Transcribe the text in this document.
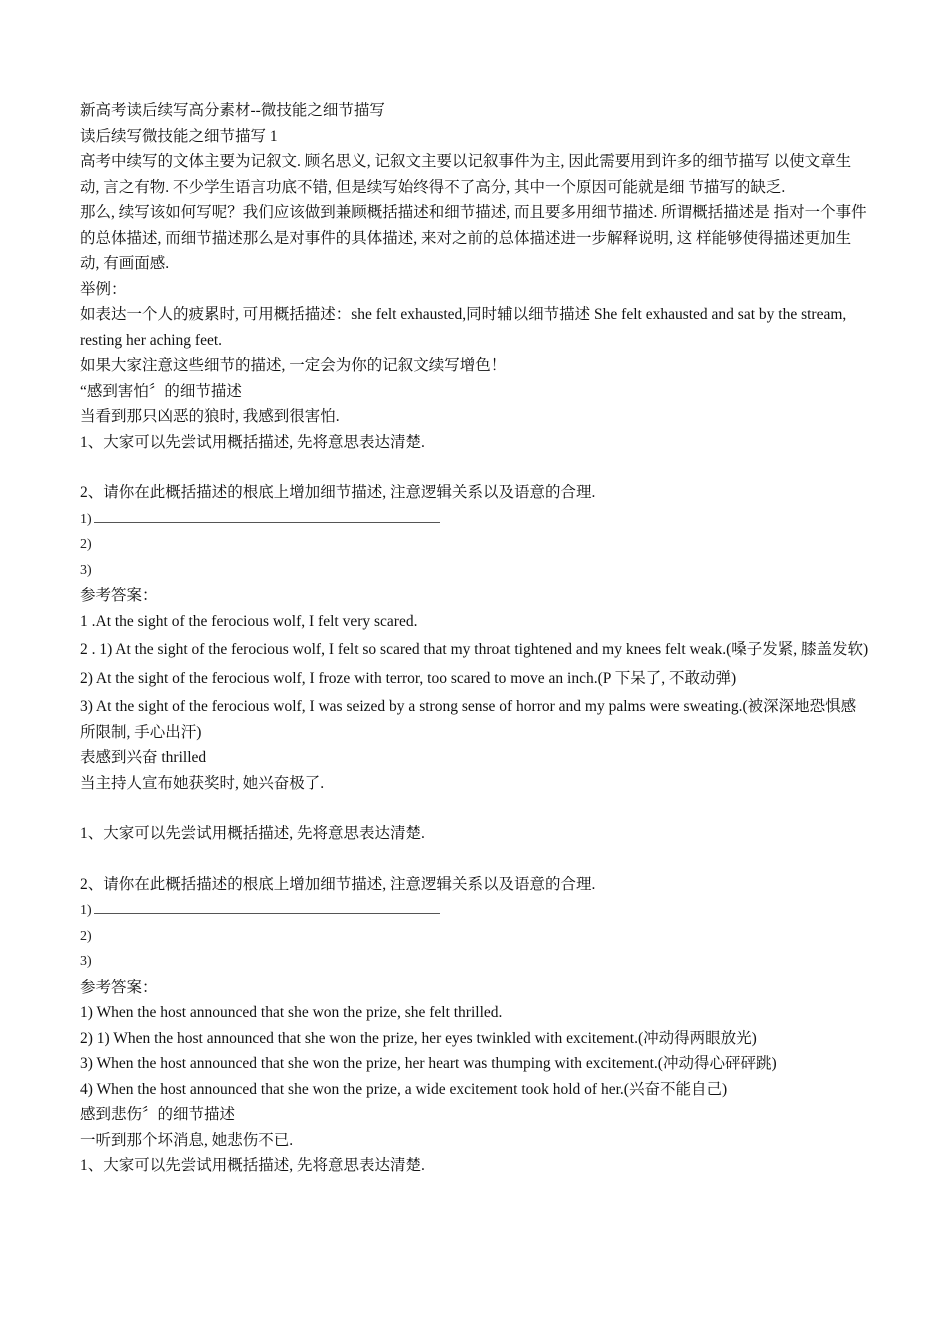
新高考读后续写高分素材--微技能之细节描写

读后续写微技能之细节描写 1

高考中续写的文体主要为记叙文. 顾名思义, 记叙文主要以记叙事件为主, 因此需要用到许多的细节描写 以使文章生动, 言之有物. 不少学生语言功底不错, 但是续写始终得不了高分, 其中一个原因可能就是细 节描写的缺乏.

那么, 续写该如何写呢？我们应该做到兼顾概括描述和细节描述, 而且要多用细节描述. 所谓概括描述是 指对一个事件的总体描述, 而细节描述那么是对事件的具体描述, 来对之前的总体描述进一步解释说明, 这 样能够使得描述更加生动, 有画面感.

举例：

如表达一个人的疲累时, 可用概括描述：she felt exhausted,同时辅以细节描述 She felt exhausted and sat by the stream, resting her aching feet.

如果大家注意这些细节的描述, 一定会为你的记叙文续写增色！

“感到害怕〞的细节描述

当看到那只凶恶的狼时, 我感到很害怕.

1、大家可以先尝试用概括描述, 先将意思表达清楚.

2、请你在此概括描述的根底上增加细节描述, 注意逻辑关系以及语意的合理.

1)

2)

3)

参考答案：

1 .At the sight of the ferocious wolf, I felt very scared.

2 . 1) At the sight of the ferocious wolf, I felt so scared that my throat tightened and my knees felt weak.(嗓子发紧, 膝盖发软)

2) At the sight of the ferocious wolf, I froze with terror, too scared to move an inch.(P 下呆了, 不敢动弹)

3) At the sight of the ferocious wolf, I was seized by a strong sense of horror and my palms were sweating.(被深深地恐惧感所限制, 手心出汗)

表感到兴奋 thrilled

当主持人宣布她获奖时, 她兴奋极了.

1、大家可以先尝试用概括描述, 先将意思表达清楚.

2、请你在此概括描述的根底上增加细节描述, 注意逻辑关系以及语意的合理.

1)

2)

3)

参考答案：

1) When the host announced that she won the prize, she felt thrilled.

2) 1) When the host announced that she won the prize, her eyes twinkled with excitement.(冲动得两眼放光)

3) When the host announced that she won the prize, her heart was thumping with excitement.(冲动得心砰砰跳)

4) When the host announced that she won the prize, a wide excitement took hold of her.(兴奋不能自己)

感到悲伤〞的细节描述

一听到那个坏消息, 她悲伤不已.

1、大家可以先尝试用概括描述, 先将意思表达清楚.
